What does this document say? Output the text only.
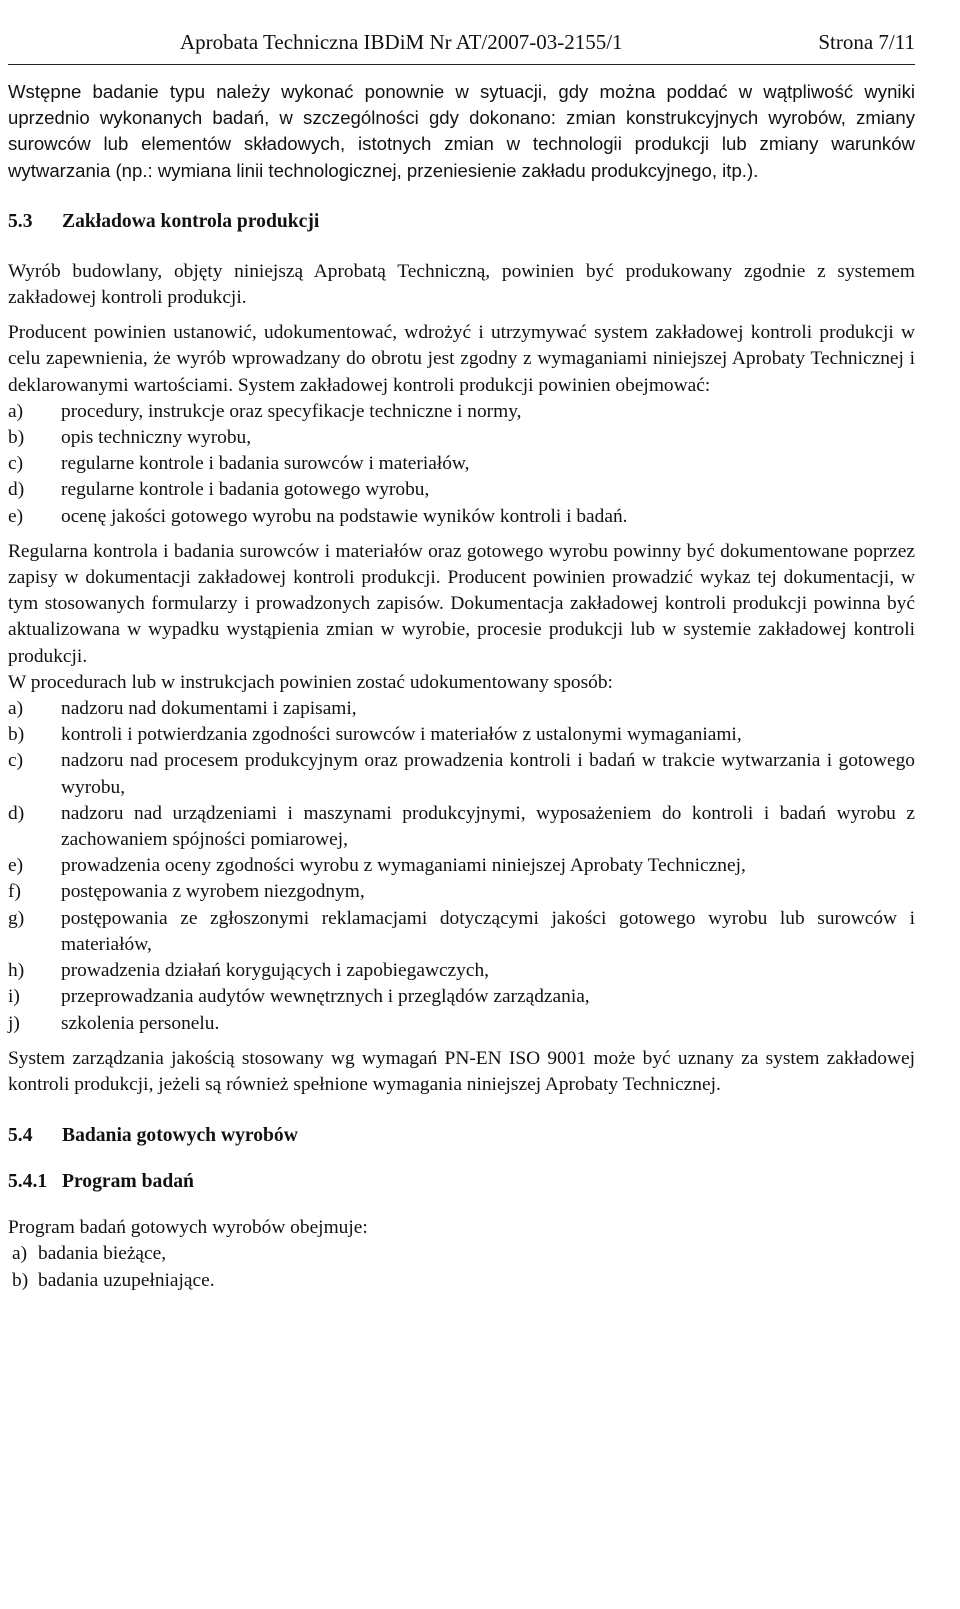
Aprobata Techniczna IBDiM Nr AT/2007-03-2155/1	Strona 7/11

Wstępne badanie typu należy wykonać ponownie w sytuacji, gdy można poddać w wątpliwość wyniki uprzednio wykonanych badań, w szczególności gdy dokonano: zmian konstrukcyjnych wyrobów, zmiany surowców lub elementów składowych, istotnych zmian w technologii produkcji lub zmiany warunków wytwarzania (np.: wymiana linii technologicznej, przeniesienie zakładu produkcyjnego, itp.).

5.3	Zakładowa kontrola produkcji

Wyrób budowlany, objęty niniejszą Aprobatą Techniczną, powinien być produkowany zgodnie z systemem zakładowej kontroli produkcji.

Producent powinien ustanowić, udokumentować, wdrożyć i utrzymywać system zakładowej kontroli produkcji w celu zapewnienia, że wyrób wprowadzany do obrotu jest zgodny z wymaganiami niniejszej Aprobaty Technicznej i deklarowanymi wartościami. System zakładowej kontroli produkcji powinien obejmować:

a)	procedury, instrukcje oraz specyfikacje techniczne i normy,
b)	opis techniczny wyrobu,
c)	regularne kontrole i badania surowców i materiałów,
d)	regularne kontrole i badania gotowego wyrobu,
e)	ocenę jakości gotowego wyrobu na podstawie wyników kontroli i badań.

Regularna kontrola i badania surowców i materiałów oraz gotowego wyrobu powinny być dokumentowane poprzez zapisy w dokumentacji zakładowej kontroli produkcji. Producent powinien prowadzić wykaz tej dokumentacji, w tym stosowanych formularzy i prowadzonych zapisów. Dokumentacja zakładowej kontroli produkcji powinna być aktualizowana w wypadku wystąpienia zmian w wyrobie, procesie produkcji lub w systemie zakładowej kontroli produkcji.

W procedurach lub w instrukcjach powinien zostać udokumentowany sposób:

a)	nadzoru nad dokumentami i zapisami,
b)	kontroli i potwierdzania zgodności surowców i materiałów z ustalonymi wymaganiami,
c)	nadzoru nad procesem produkcyjnym oraz prowadzenia kontroli i badań w trakcie wytwarzania i gotowego wyrobu,
d)	nadzoru nad urządzeniami i maszynami produkcyjnymi, wyposażeniem do kontroli i badań wyrobu z zachowaniem spójności pomiarowej,
e)	prowadzenia oceny zgodności wyrobu z wymaganiami niniejszej Aprobaty Technicznej,
f)	postępowania z wyrobem niezgodnym,
g)	postępowania ze zgłoszonymi reklamacjami dotyczącymi jakości gotowego wyrobu lub surowców i materiałów,
h)	prowadzenia działań korygujących i zapobiegawczych,
i)	przeprowadzania audytów wewnętrznych i przeglądów zarządzania,
j)	szkolenia personelu.

System zarządzania jakością stosowany wg wymagań PN-EN ISO 9001 może być uznany za system zakładowej kontroli produkcji, jeżeli są również spełnione wymagania niniejszej Aprobaty Technicznej.

5.4	Badania gotowych wyrobów
5.4.1 Program badań

Program badań gotowych wyrobów obejmuje:

a) badania bieżące,
b) badania uzupełniające.
